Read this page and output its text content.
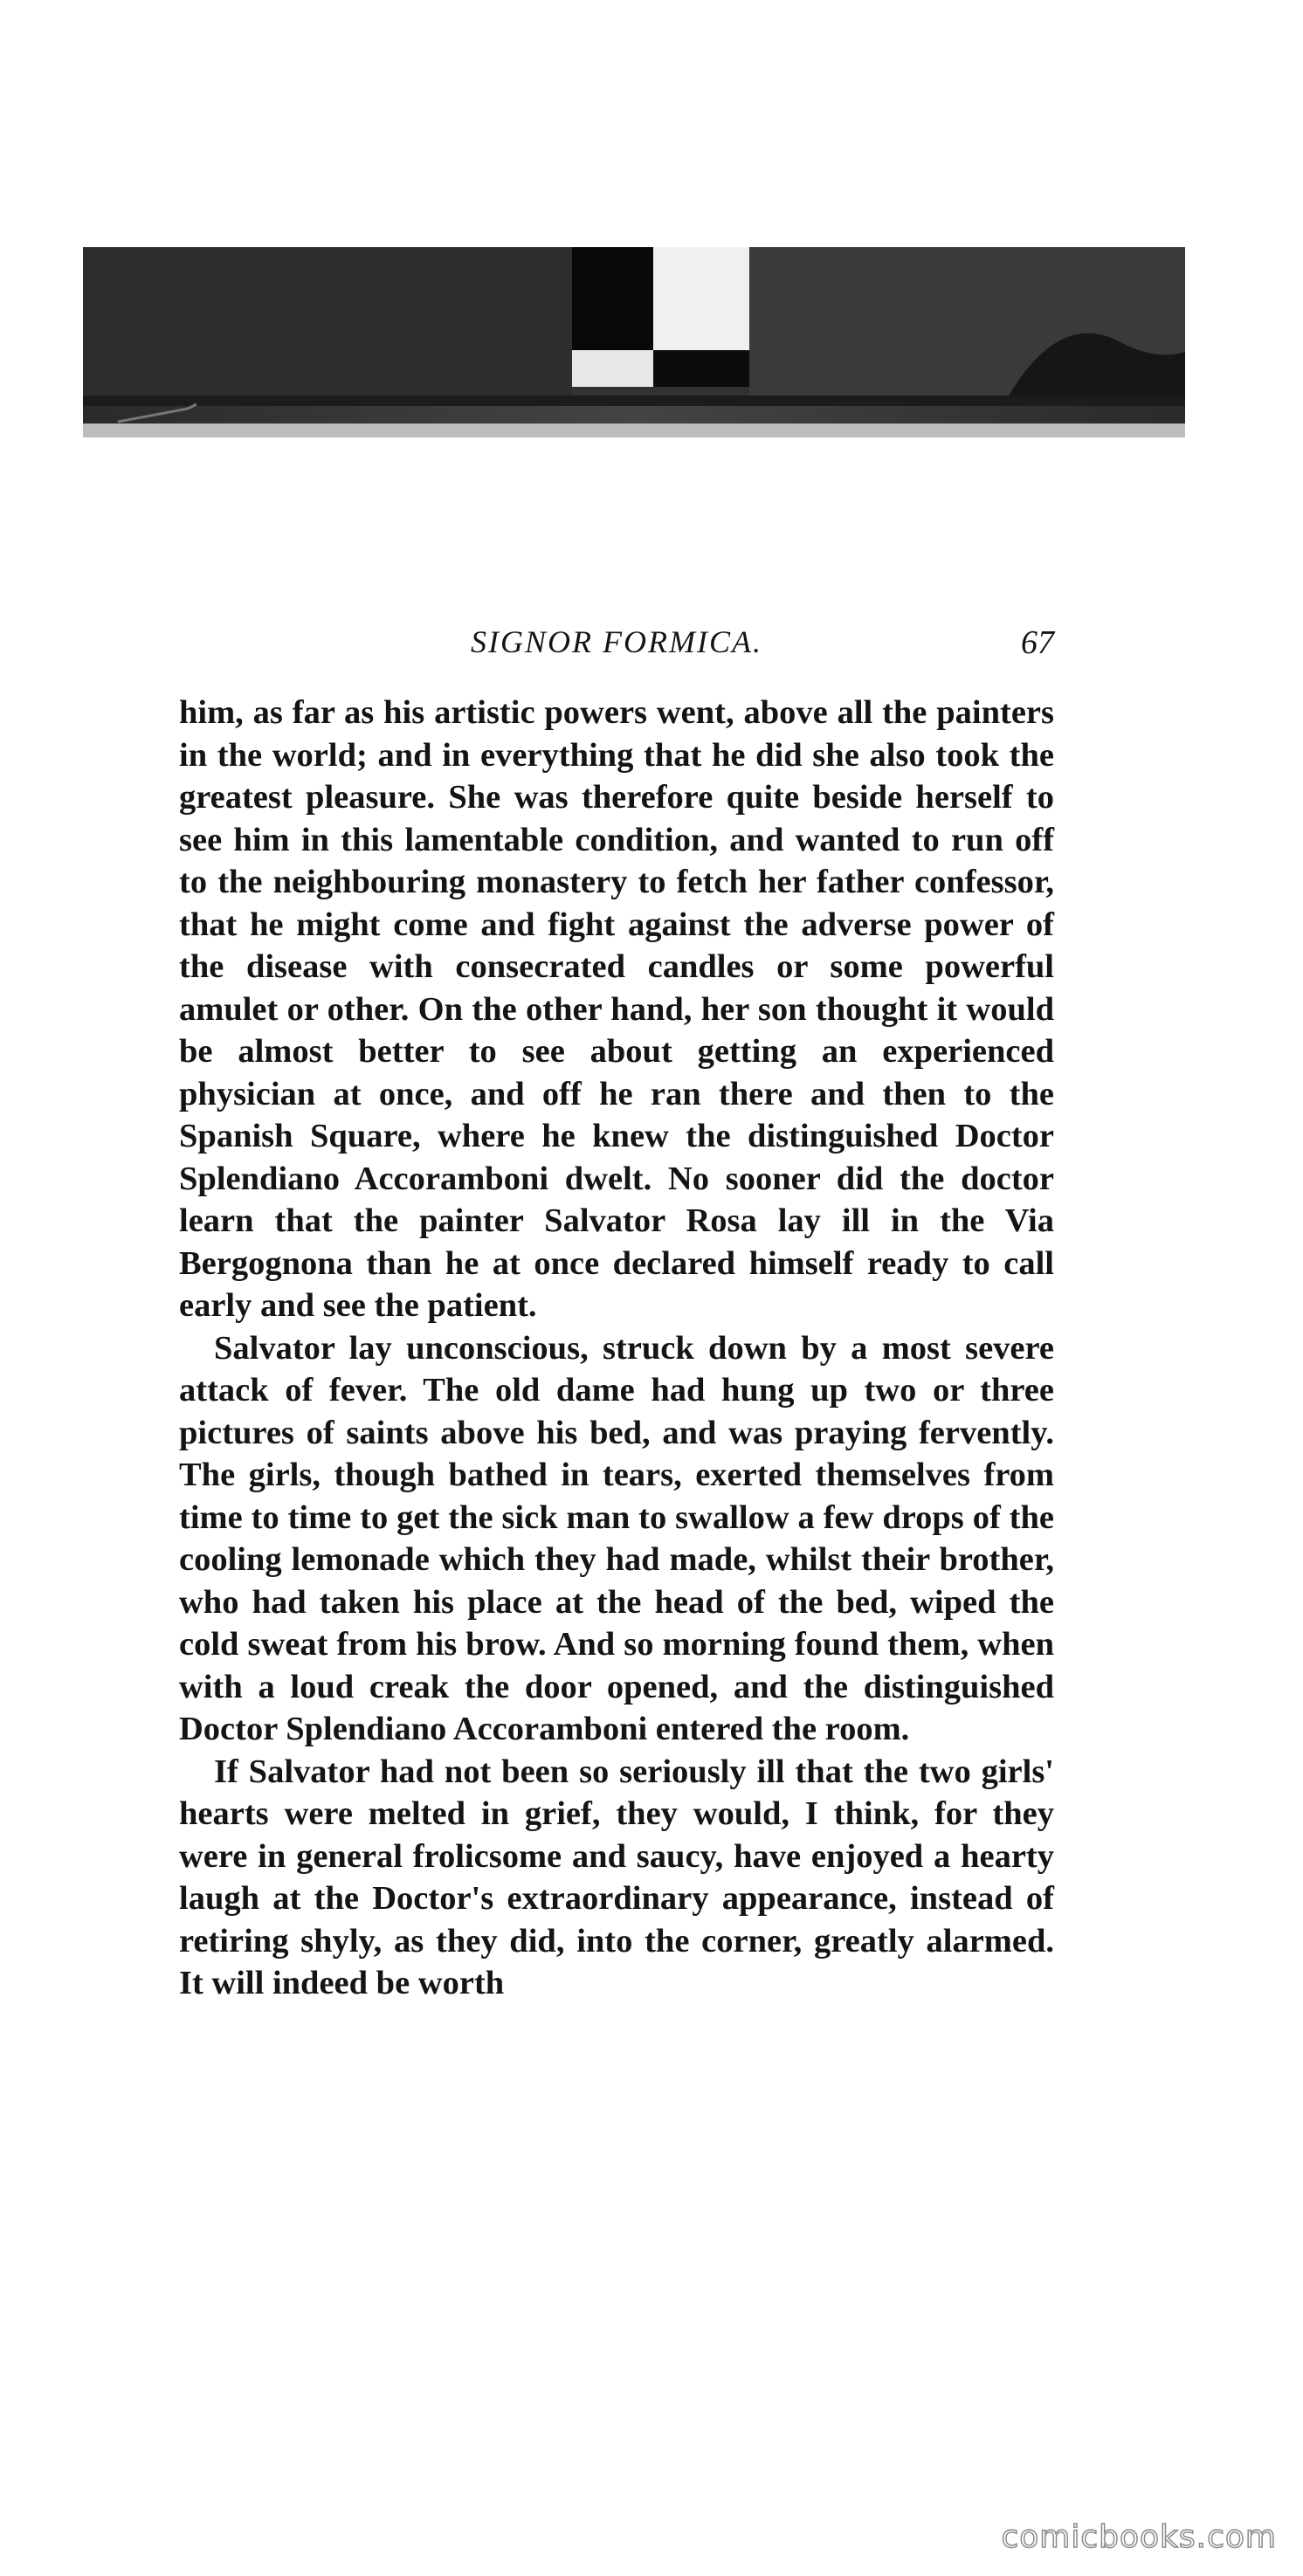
SIGNOR FORMICA.	67

him, as far as his artistic powers went, above all the painters in the world; and in everything that he did she also took the greatest pleasure. She was therefore quite beside herself to see him in this lamentable condition, and wanted to run off to the neighbouring monastery to fetch her father confessor, that he might come and fight against the adverse power of the disease with consecrated candles or some powerful amulet or other. On the other hand, her son thought it would be almost better to see about getting an experienced physician at once, and off he ran there and then to the Spanish Square, where he knew the distinguished Doctor Splendiano Accoramboni dwelt. No sooner did the doctor learn that the painter Salvator Rosa lay ill in the Via Bergognona than he at once declared himself ready to call early and see the patient.

Salvator lay unconscious, struck down by a most severe attack of fever. The old dame had hung up two or three pictures of saints above his bed, and was praying fervently. The girls, though bathed in tears, exerted themselves from time to time to get the sick man to swallow a few drops of the cooling lemonade which they had made, whilst their brother, who had taken his place at the head of the bed, wiped the cold sweat from his brow. And so morning found them, when with a loud creak the door opened, and the distinguished Doctor Splendiano Accoramboni entered the room.

If Salvator had not been so seriously ill that the two girls' hearts were melted in grief, they would, I think, for they were in general frolicsome and saucy, have enjoyed a hearty laugh at the Doctor's extraordinary appearance, instead of retiring shyly, as they did, into the corner, greatly alarmed. It will indeed be worth

comicbooks.com
